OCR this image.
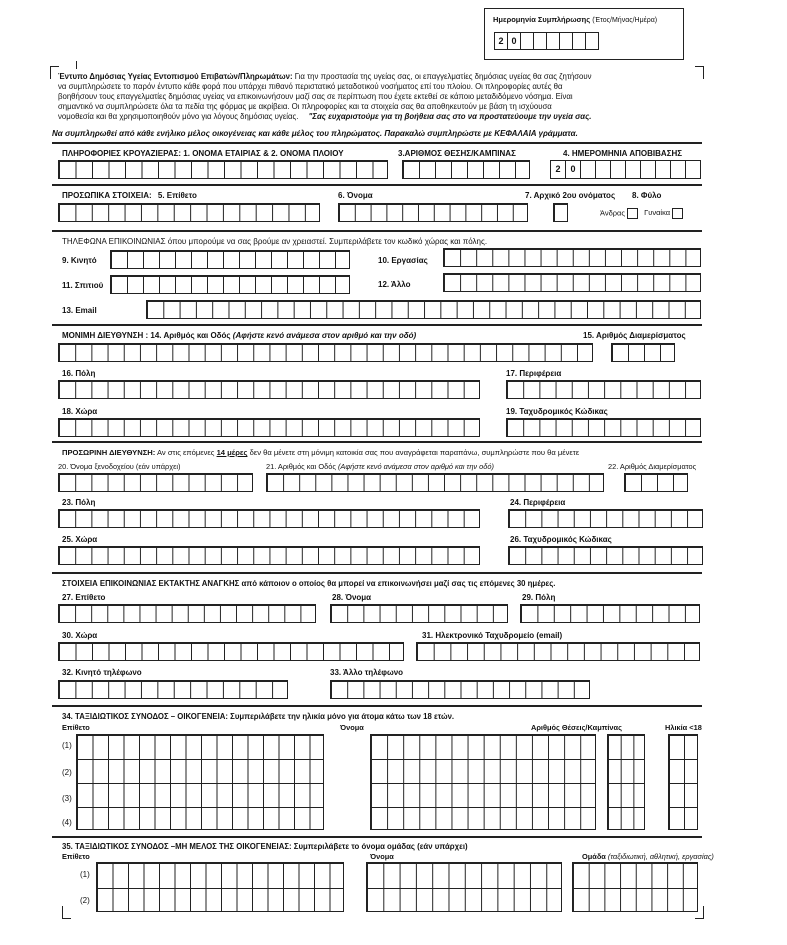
Ημερομηνία Συμπλήρωσης (Έτος/Μήνας/Ημέρα)
2 0
Έντυπο Δημόσιας Υγείας Εντοπισμού Επιβατών/Πληρωμάτων: Για την προστασία της υγείας σας, οι επαγγελματίες δημόσιας υγείας θα σας ζητήσουν
να συμπληρώσετε το παρόν έντυπο κάθε φορά που υπάρχει πιθανό περιστατικό μεταδοτικού νοσήματος επί του πλοίου. Οι πληροφορίες αυτές θα
βοηθήσουν τους επαγγελματίες δημόσιας υγείας να επικοινωνήσουν μαζί σας σε περίπτωση που έχετε εκτεθεί σε κάποιο μεταδιδόμενο νόσημα. Είναι
σημαντικό να συμπληρώσετε όλα τα πεδία της φόρμας με ακρίβεια. Οι πληροφορίες και τα στοιχεία σας θα αποθηκευτούν με βάση τη ισχύουσα
νομοθεσία και θα χρησιμοποιηθούν μόνο για λόγους δημόσιας υγείας. "Σας ευχαριστούμε για τη βοήθεια σας στο να προστατεύουμε την υγεία σας.
Να συμπληρωθεί από κάθε ενήλικο μέλος οικογένειας και κάθε μέλος του πληρώματος. Παρακαλώ συμπληρώστε με ΚΕΦΑΛΑΙΑ γράμματα.
ΠΛΗΡΟΦΟΡΙΕΣ ΚΡΟΥΑΖΙΕΡΑΣ: 1. ΟΝΟΜΑ ΕΤΑΙΡΙΑΣ & 2. ΟΝΟΜΑ ΠΛΟΙΟΥ	3.ΑΡΙΘΜΟΣ ΘΕΣΗΣ/ΚΑΜΠΙΝΑΣ	4. ΗΜΕΡΟΜΗΝΙΑ ΑΠΟΒΙΒΑΣΗΣ
2	0
ΠΡΟΣΩΠΙΚΑ ΣΤΟΙΧΕΙΑ: 5. Επίθετο	6. Όνομα	7. Αρχικό 2ου ονόματος 8. Φύλο
Άνδρας	Γυναίκα
ΤΗΛΕΦΩΝΑ ΕΠΙΚΟΙΝΩΝΙΑΣ όπου μπορούμε να σας βρούμε αν χρειαστεί. Συμπεριλάβετε τον κωδικό χώρας και πόλης.
9. Κινητό	10. Εργασίας
11. Σπιτιού	12. Άλλο
13. Email
ΜΟΝΙΜΗ ΔΙΕΥΘΥΝΣΗ : 14. Αριθμός και Οδός (Αφήστε κενό ανάμεσα στον αριθμό και την οδό)	15. Αριθμός Διαμερίσματος
16. Πόλη	17. Περιφέρεια
18. Χώρα	19. Ταχυδρομικός Κώδικας
ΠΡΟΣΩΡΙΝΗ ΔΙΕΥΘΥΝΣΗ: Αν στις επόμενες 14 μέρες δεν θα μένετε στη μόνιμη κατοικία σας που αναγράφεται παραπάνω, συμπληρώστε που θα μένετε
20. Όνομα ξενοδοχείου (εάν υπάρχει)	21. Αριθμός και Οδός (Αφήστε κενό ανάμεσα στον αριθμό και την οδό)	22. Αριθμός Διαμερίσματος
23. Πόλη	24. Περιφέρεια
25. Χώρα	26. Ταχυδρομικός Κώδικας
ΣΤΟΙΧΕΙΑ ΕΠΙΚΟΙΝΩΝΙΑΣ ΕΚΤΑΚΤΗΣ ΑΝΑΓΚΗΣ από κάποιον ο οποίος θα μπορεί να επικοινωνήσει μαζί σας τις επόμενες 30 ημέρες.
27. Επίθετο	28. Όνομα	29. Πόλη
30. Χώρα	31. Ηλεκτρονικό Ταχυδρομείο (email)
32. Κινητό τηλέφωνο	33. Άλλο τηλέφωνο
34. ΤΑΞΙΔΙΩΤΙΚΟΣ ΣΥΝΟΔΟΣ – ΟΙΚΟΓΕΝΕΙΑ: Συμπεριλάβετε την ηλικία μόνο για άτομα κάτω των 18 ετών.
Επίθετο	Όνομα	Αριθμός Θέσεις/Καμπίνας	Ηλικία <18
(1)
(2)
(3)
(4)
35. ΤΑΞΙΔΙΩΤΙΚΟΣ ΣΥΝΟΔΟΣ –ΜΗ ΜΕΛΟΣ ΤΗΣ ΟΙΚΟΓΕΝΕΙΑΣ: Συμπεριλάβετε το όνομα ομάδας (εάν υπάρχει)
Επίθετο	Όνομα	Ομάδα (ταξιδιωτική, αθλητική, εργασίας)
(1)
(2)
